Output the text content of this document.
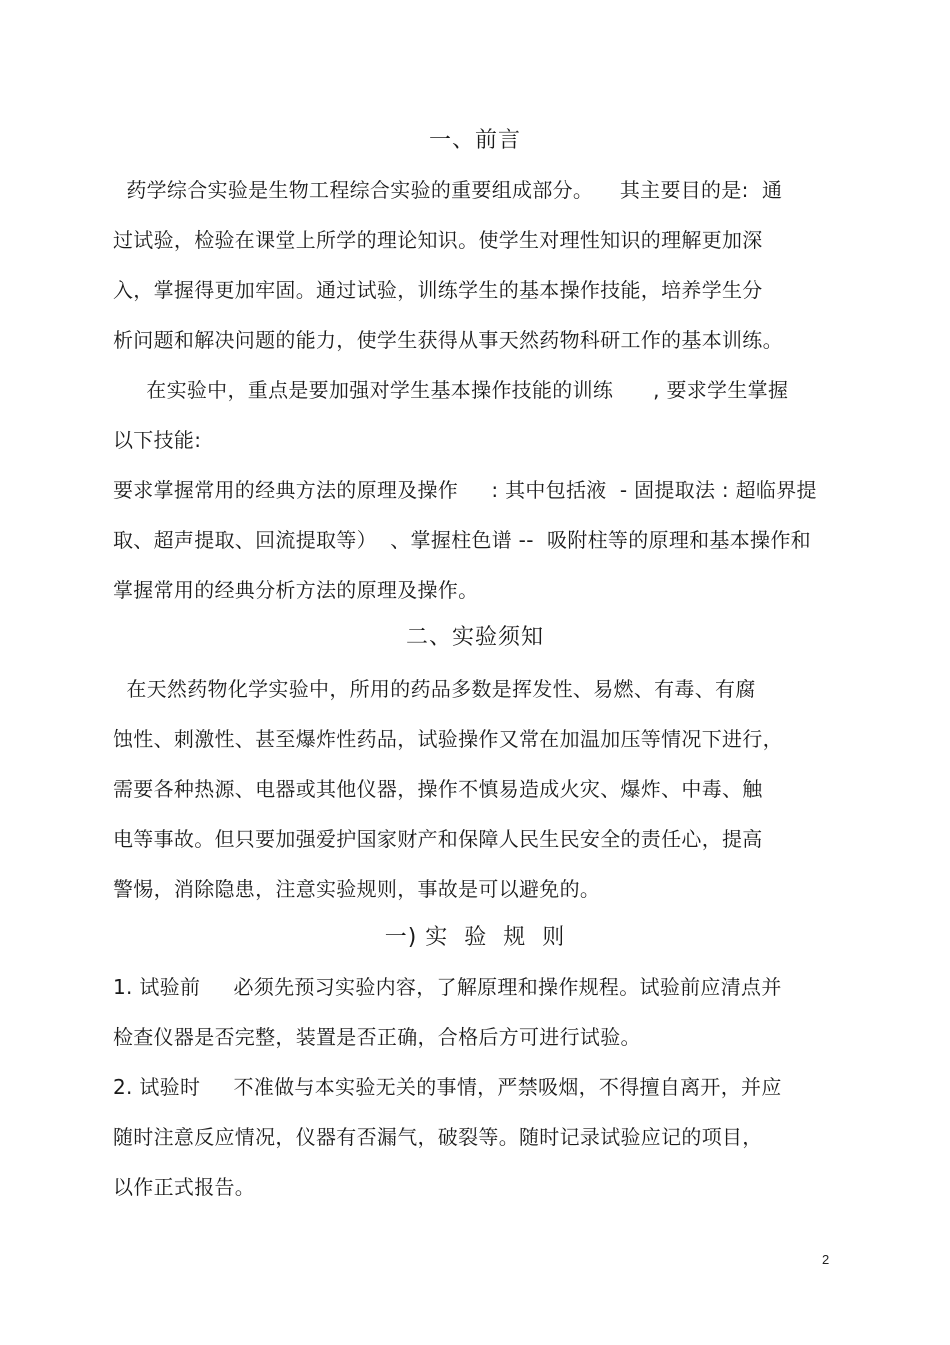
一、前言
药学综合实验是生物工程综合实验的重要组成部分。    其主要目的是:  通
过试验，检验在课堂上所学的理论知识。使学生对理性知识的理解更加深
入，掌握得更加牢固。通过试验，训练学生的基本操作技能，培养学生分
析问题和解决问题的能力，使学生获得从事天然药物科研工作的基本训练。
在实验中，重点是要加强对学生基本操作技能的训练      , 要求学生掌握
以下技能:
要求掌握常用的经典方法的原理及操作     : 其中包括液  - 固提取法 : 超临界提
取、超声提取、回流提取等）  、掌握柱色谱 --  吸附柱等的原理和基本操作和
掌握常用的经典分析方法的原理及操作。
二、实验须知
在天然药物化学实验中，所用的药品多数是挥发性、易燃、有毒、有腐
蚀性、刺激性、甚至爆炸性药品，试验操作又常在加温加压等情况下进行，
需要各种热源、电器或其他仪器，操作不慎易造成火灾、爆炸、中毒、触
电等事故。但只要加强爱护国家财产和保障人民生民安全的责任心，提高
警惕，消除隐患，注意实验规则，事故是可以避免的。
一) 实  验  规  则
1. 试验前     必须先预习实验内容，了解原理和操作规程。试验前应清点并
检查仪器是否完整，装置是否正确，合格后方可进行试验。
2. 试验时     不准做与本实验无关的事情，严禁吸烟，不得擅自离开，并应
随时注意反应情况，仪器有否漏气，破裂等。随时记录试验应记的项目，
以作正式报告。
2
